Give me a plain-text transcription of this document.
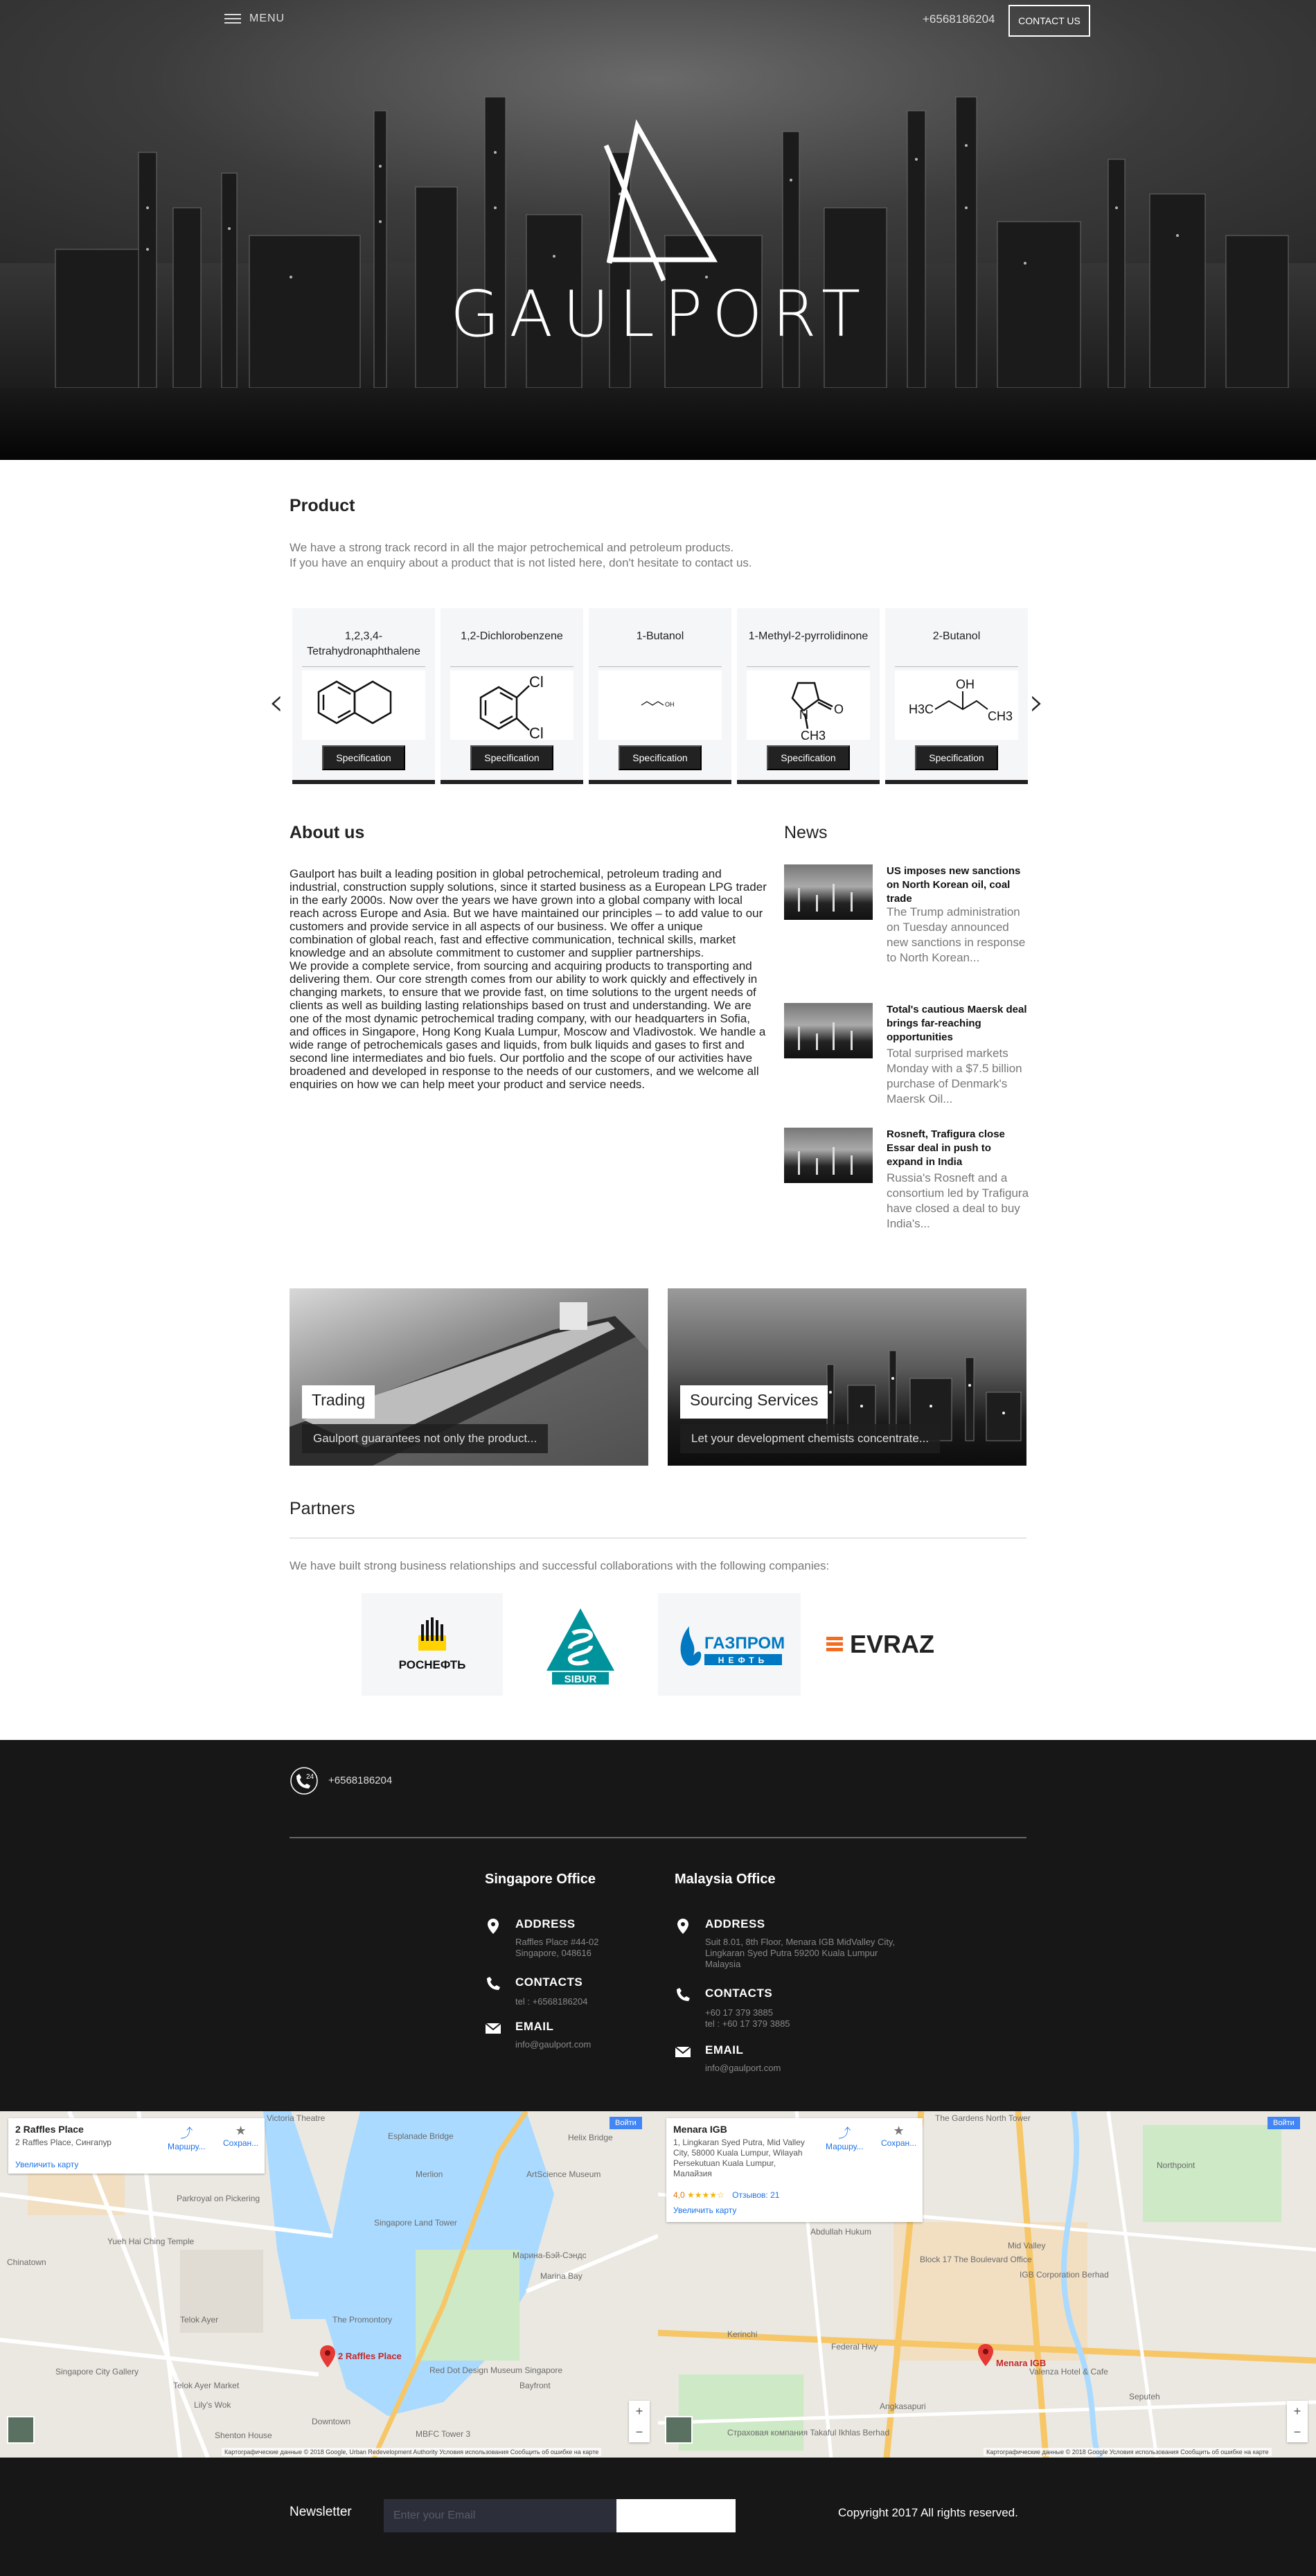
MENU	+6568186204	CONTACT US
GAULPORT
Product

We have a strong track record in all the major petrochemical and petroleum products.

If you have an enquiry about a product that is not listed here, don't hesitate to contact us.

‹	›
1,2,3,4-Tetrahydronaphthalene
Specification
1,2-Dichlorobenzene
Cl
Cl
Specification
1-Butanol
OH
Specification
1-Methyl-2-pyrrolidinone
N O
CH3
Specification
2-Butanol
OH
H3C	CH3
Specification
About us

Gaulport has built a leading position in global petrochemical, petroleum trading and industrial, construction supply solutions, since it started business as a European LPG trader in the early 2000s. Now over the years we have grown into a global company with local reach across Europe and Asia. But we have maintained our principles – to add value to our customers and provide service in all aspects of our business. We offer a unique combination of global reach, fast and effective communication, technical skills, market knowledge and an absolute commitment to customer and supplier partnerships.

We provide a complete service, from sourcing and acquiring products to transporting and delivering them. Our core strength comes from our ability to work quickly and effectively in changing markets, to ensure that we provide fast, on time solutions to the urgent needs of clients as well as building lasting relationships based on trust and understanding. We are one of the most dynamic petrochemical trading company, with our headquarters in Sofia, and offices in Singapore, Hong Kong Kuala Lumpur, Moscow and Vladivostok. We handle a wide range of petrochemicals gases and liquids, from bulk liquids and gases to first and second line intermediates and bio fuels. Our portfolio and the scope of our activities have broadened and developed in response to the needs of our customers, and we welcome all enquiries on how we can help meet your product and service needs.

News
US imposes new sanctions on North Korean oil, coal trade
The Trump administration on Tuesday announced new sanctions in response to North Korean...
Total's cautious Maersk deal brings far-reaching opportunities
Total surprised markets Monday with a $7.5 billion purchase of Denmark's Maersk Oil...
Rosneft, Trafigura close Essar deal in push to expand in India
Russia's Rosneft and a consortium led by Trafigura have closed a deal to buy India's...
Trading
Gaulport guarantees not only the product...
Sourcing Services
Let your development chemists concentrate...
Partners
We have built strong business relationships and successful collaborations with the following companies:
РОСНЕФТЬ
SIBUR
ГАЗПРОМ
НЕФТЬ
EVRAZ
24 +6568186204
Singapore Office
ADDRESS
Raffles Place #44-02
Singapore, 048616
CONTACTS
tel : +6568186204
EMAIL
info@gaulport.com
Malaysia Office
ADDRESS
Suit 8.01, 8th Floor, Menara IGB MidValley City,
Lingkaran Syed Putra 59200 Kuala Lumpur
Malaysia
CONTACTS
+60 17 379 3885
tel : +60 17 379 3885
EMAIL
info@gaulport.com
Victoria Theatre
Esplanade Bridge	Helix Bridge
Merlion	ArtScience Museum
Parkroyal on Pickering
Singapore Land Tower
Yueh Hai Ching Temple
Chinatown
Марина-Бэй-Сэндс
Marina Bay
Telok Ayer	The Promontory
Singapore City Gallery	Red Dot Design Museum Singapore
Bayfront
Telok Ayer Market
Downtown
Shenton House	MBFC Tower 3
Lily's Wok
2 Raffles Place
2 Raffles Place, Сингапур
Увеличить карту
⤴
Маршру...
★
Сохран...
Войти
2 Raffles Place
+
−
Картографические данные © 2018 Google, Urban Redevelopment Authority Условия использования Сообщить об ошибке на карте
The Gardens North Tower
Northpoint
Abdullah Hukum
Mid Valley
Block 17 The Boulevard Office
IGB Corporation Berhad
Federal Hwy
Kerinchi
Angkasapuri
Valenza Hotel & Cafe
Seputeh
Страховая компания Takaful Ikhlas Berhad
Menara IGB
1, Lingkaran Syed Putra, Mid Valley City, 58000 Kuala Lumpur, Wilayah Persekutuan Kuala Lumpur, Малайзия
4,0 ★★★★☆ Отзывов: 21
Увеличить карту
⤴
Маршру...
★
Сохран...
Войти
Menara IGB
+
−
Картографические данные © 2018 Google Условия использования Сообщить об ошибке на карте
Newsletter
Enter your Email	Copyright 2017 All rights reserved.
